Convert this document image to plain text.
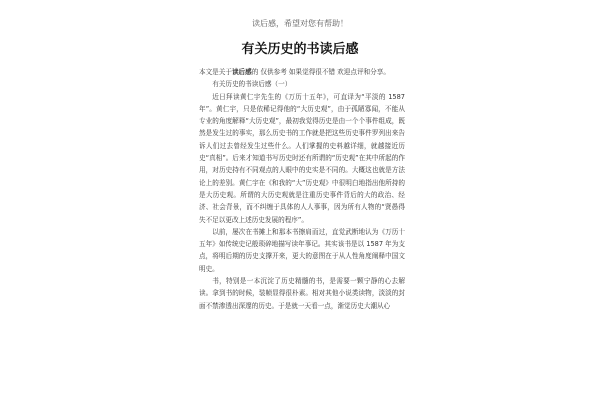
读后感，希望对您有帮助！
有关历史的书读后感

本文是关于读后感的 仅供参考 如果觉得很不错 欢迎点评和分享。

有关历史的书读后感（一）

近日拜读黄仁宇先生的《万历十五年》，可直译为“平淡的 1587 年”。黄仁宇，只是依稀记得他的“大历史观”，由于孤陋寡闻，不能从专业的角度解释“大历史观”，最初我觉得历史是由一个个事件组成，既然是发生过的事实，那么历史书的工作就是把这些历史事件罗列出来告诉人们过去曾经发生过些什么。人们掌握的史料越详细，就越接近历史“真相”。后来才知道书写历史时还有所谓的“历史观”在其中所起的作用，对历史持有不同观点的人眼中的史实是不同的。大概这也就是方法论上的差别。黄仁宇在《和我的“大”历史观》中很明白地指出他所持的是大历史观。所谓的大历史观就是注重历史事件背后的大的政治、经济、社会背景，而不纠缠于具体的人人事事，因为所有人物的“贤愚得失不足以更改上述历史发展的程序”。

以前，屡次在书摊上和那本书擦肩而过，直觉武断地认为《万历十五年》如传统史记般琐碎地描写读年事记。其实该书是以 1587 年为支点，将明后期的历史支撑开来，更大的意图在于从人性角度阐释中国文明史。

书，特别是一本沉淀了历史精髓的书，是需要一颗宁静的心去解读。拿到书的时候，装帧显得很朴素。相对其他小说类读物，淡淡的封面不禁渗透出深邃的历史。于是就一天看一点，渐觉历史大潮从心
